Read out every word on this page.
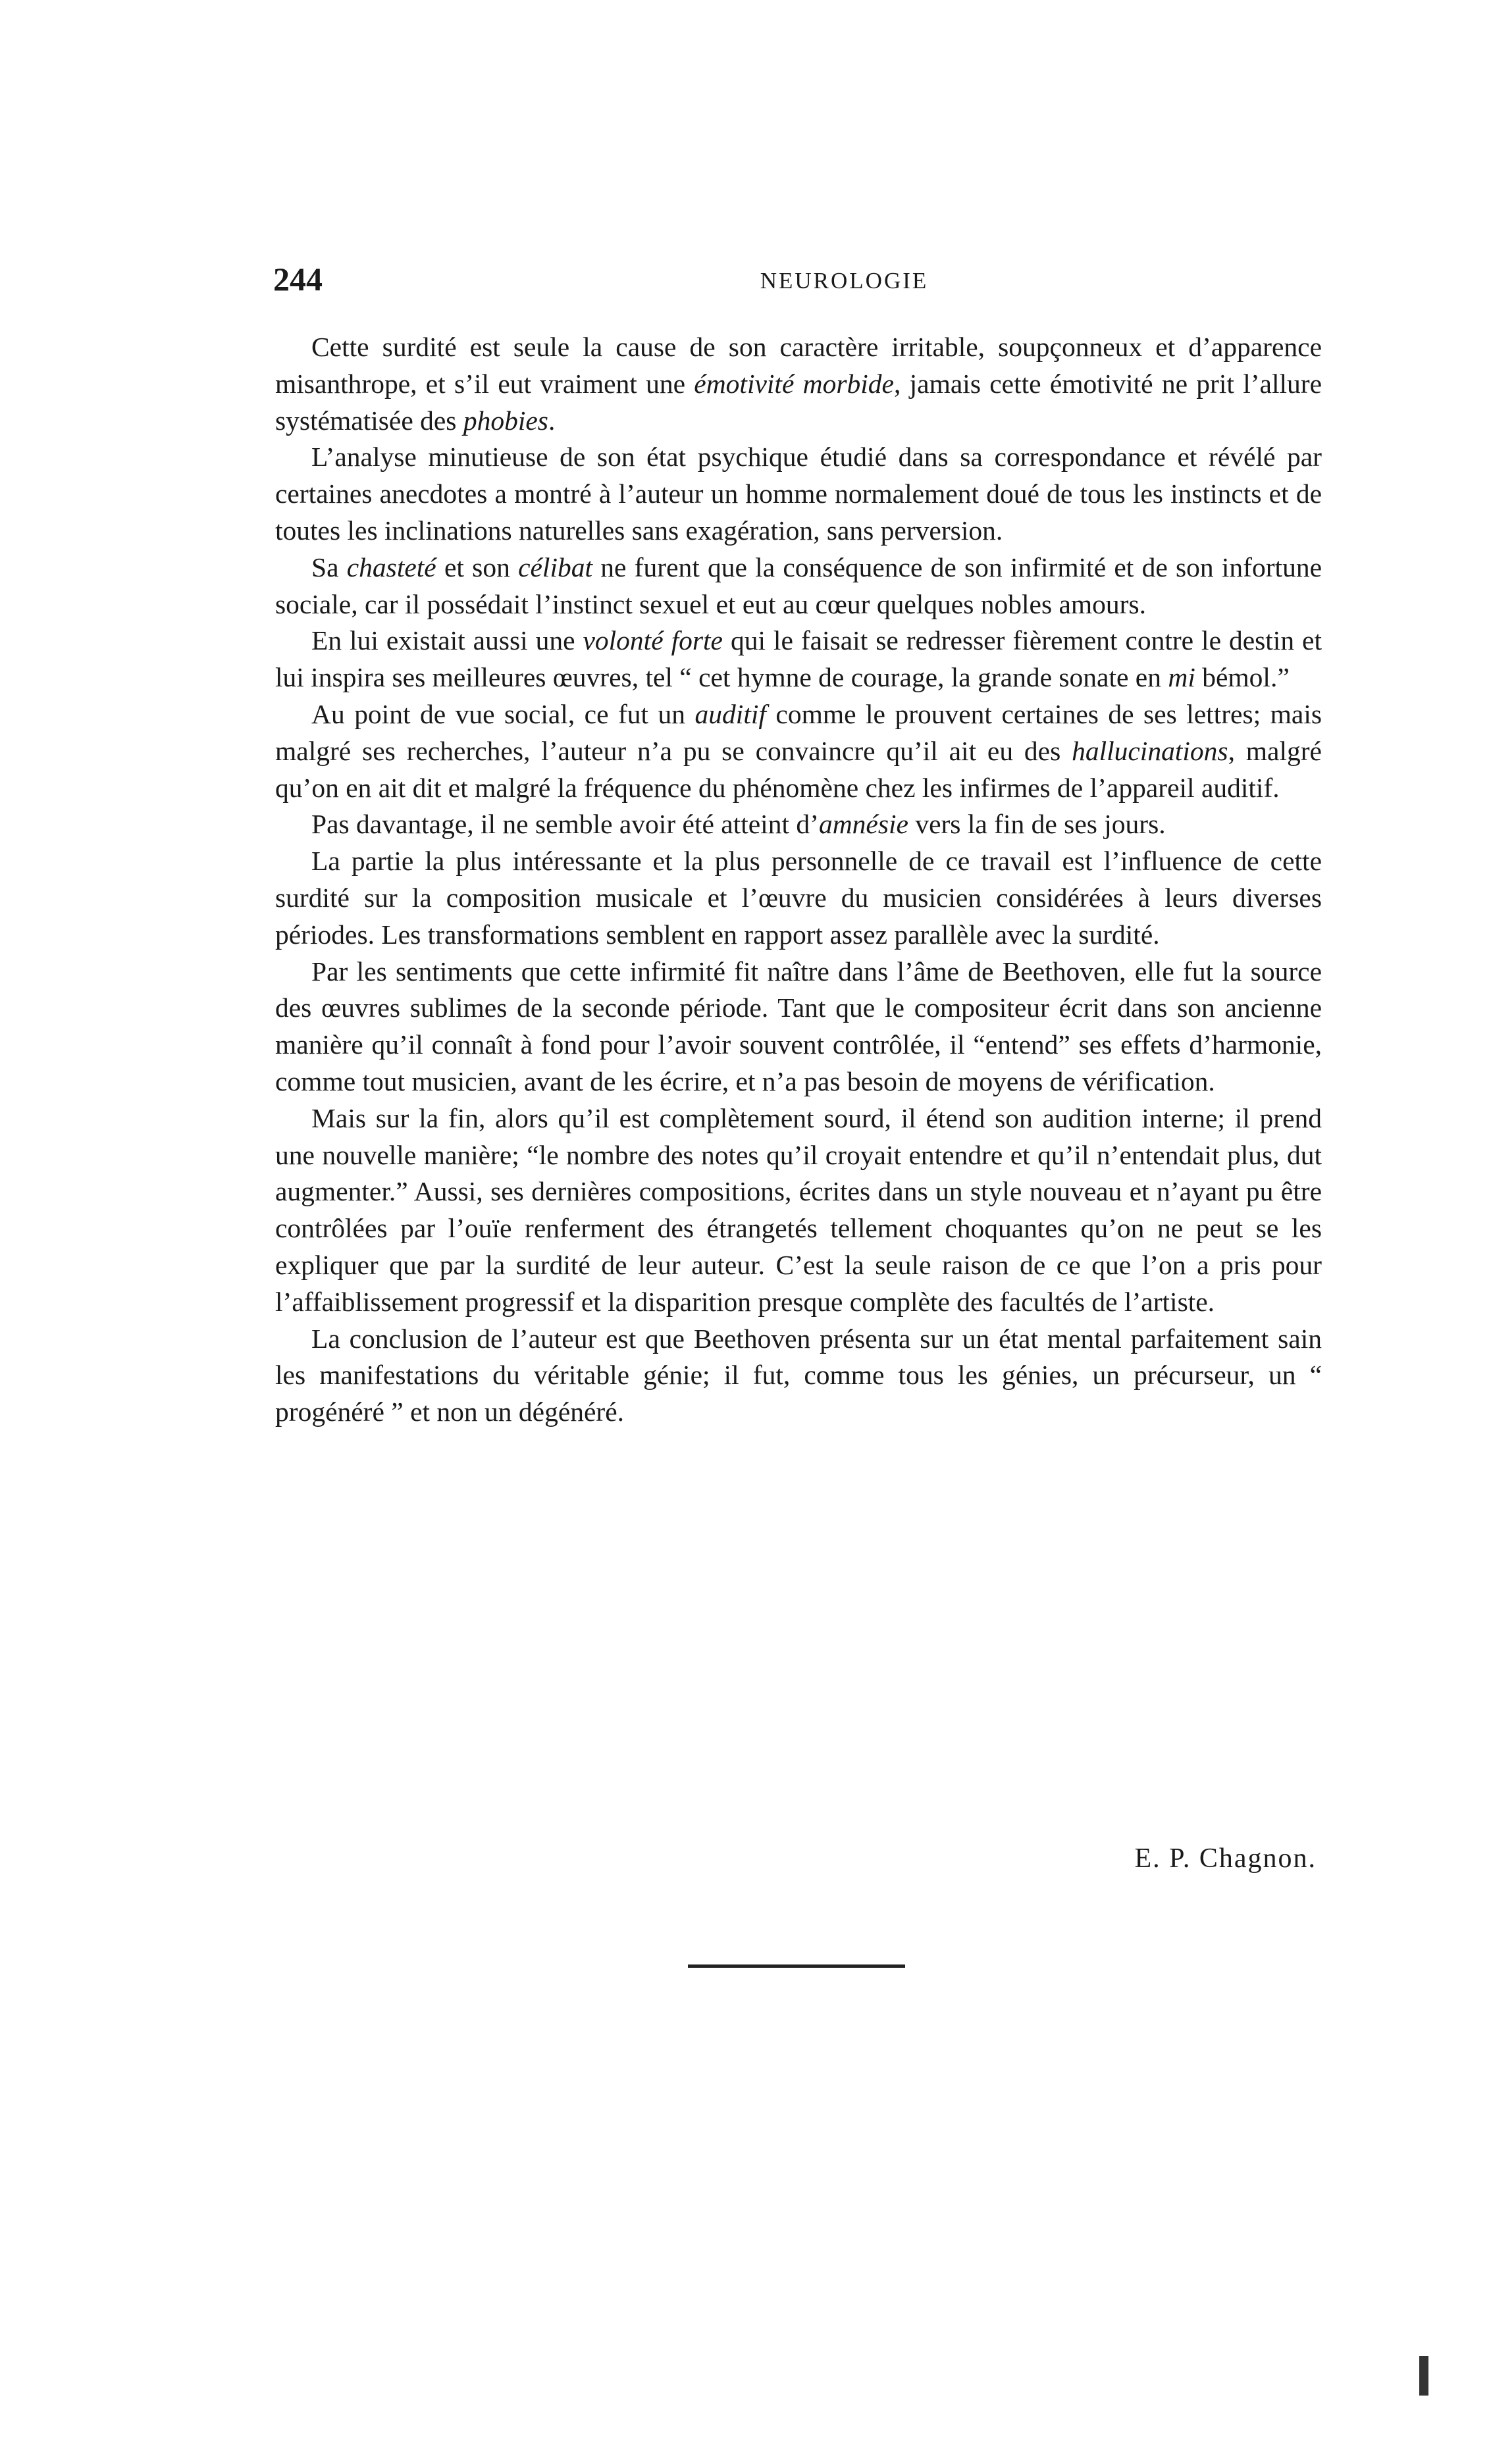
244	NEUROLOGIE

Cette surdité est seule la cause de son caractère irritable, soupçonneux et d’apparence misanthrope, et s’il eut vraiment une émotivité morbide, jamais cette émotivité ne prit l’allure systématisée des phobies.

L’analyse minutieuse de son état psychique étudié dans sa correspondance et révélé par certaines anecdotes a montré à l’auteur un homme normalement doué de tous les instincts et de toutes les inclinations naturelles sans exagération, sans perversion.

Sa chasteté et son célibat ne furent que la conséquence de son infirmité et de son infortune sociale, car il possédait l’instinct sexuel et eut au cœur quelques nobles amours.

En lui existait aussi une volonté forte qui le faisait se redresser fièrement contre le destin et lui inspira ses meilleures œuvres, tel “ cet hymne de courage, la grande sonate en mi bémol.”

Au point de vue social, ce fut un auditif comme le prouvent certaines de ses lettres; mais malgré ses recherches, l’auteur n’a pu se convaincre qu’il ait eu des hallucinations, malgré qu’on en ait dit et malgré la fréquence du phénomène chez les infirmes de l’appareil auditif.

Pas davantage, il ne semble avoir été atteint d’amnésie vers la fin de ses jours.

La partie la plus intéressante et la plus personnelle de ce travail est l’influence de cette surdité sur la composition musicale et l’œuvre du musicien considérées à leurs diverses périodes. Les transformations semblent en rapport assez parallèle avec la surdité.

Par les sentiments que cette infirmité fit naître dans l’âme de Beethoven, elle fut la source des œuvres sublimes de la seconde période. Tant que le compositeur écrit dans son ancienne manière qu’il connaît à fond pour l’avoir souvent contrôlée, il “entend” ses effets d’harmonie, comme tout musicien, avant de les écrire, et n’a pas besoin de moyens de vérification.

Mais sur la fin, alors qu’il est complètement sourd, il étend son audition interne; il prend une nouvelle manière; “le nombre des notes qu’il croyait entendre et qu’il n’entendait plus, dut augmenter.” Aussi, ses dernières compositions, écrites dans un style nouveau et n’ayant pu être contrôlées par l’ouïe renferment des étrangetés tellement choquantes qu’on ne peut se les expliquer que par la surdité de leur auteur. C’est la seule raison de ce que l’on a pris pour l’affaiblissement progressif et la disparition presque complète des facultés de l’artiste.

La conclusion de l’auteur est que Beethoven présenta sur un état mental parfaitement sain les manifestations du véritable génie; il fut, comme tous les génies, un précurseur, un “ progénéré ” et non un dégénéré.

E. P. Chagnon.
